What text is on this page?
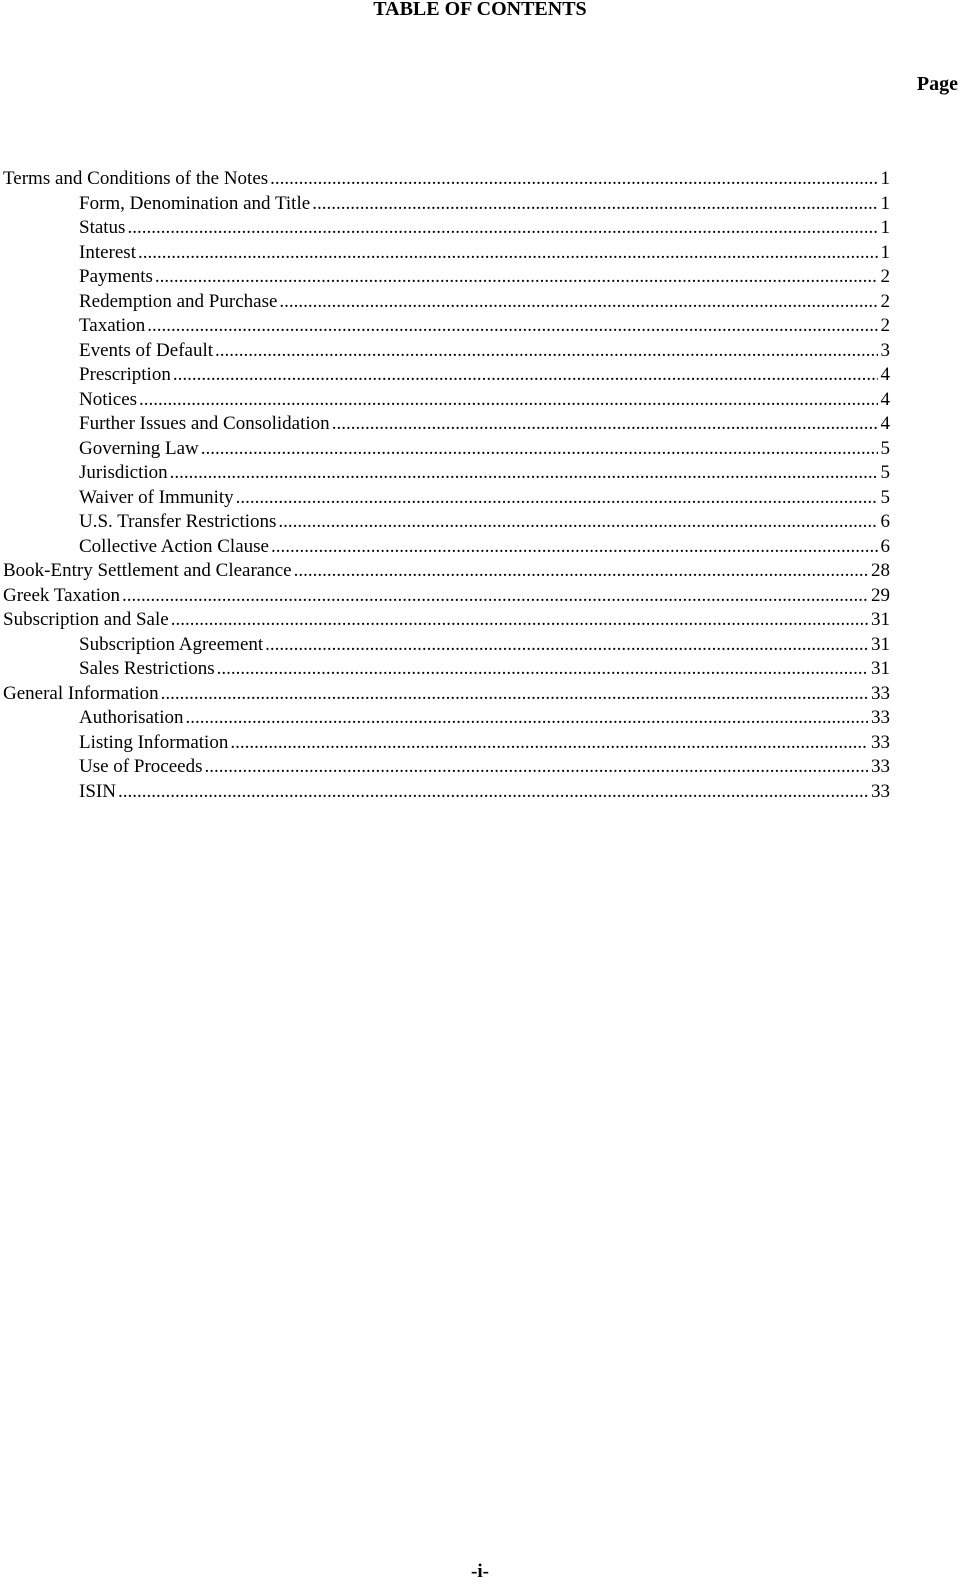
TABLE OF CONTENTS
Page
Terms and Conditions of the Notes .....	1
Form, Denomination and Title .....	1
Status .....	1
Interest .....	1
Payments .....	2
Redemption and Purchase .....	2
Taxation .....	2
Events of Default .....	3
Prescription .....	4
Notices .....	4
Further Issues and Consolidation .....	4
Governing Law .....	5
Jurisdiction .....	5
Waiver of Immunity .....	5
U.S. Transfer Restrictions .....	6
Collective Action Clause .....	6
Book-Entry Settlement and Clearance .....	28
Greek Taxation .....	29
Subscription and Sale .....	31
Subscription Agreement .....	31
Sales Restrictions .....	31
General Information .....	33
Authorisation .....	33
Listing Information .....	33
Use of Proceeds .....	33
ISIN .....	33
-i-
